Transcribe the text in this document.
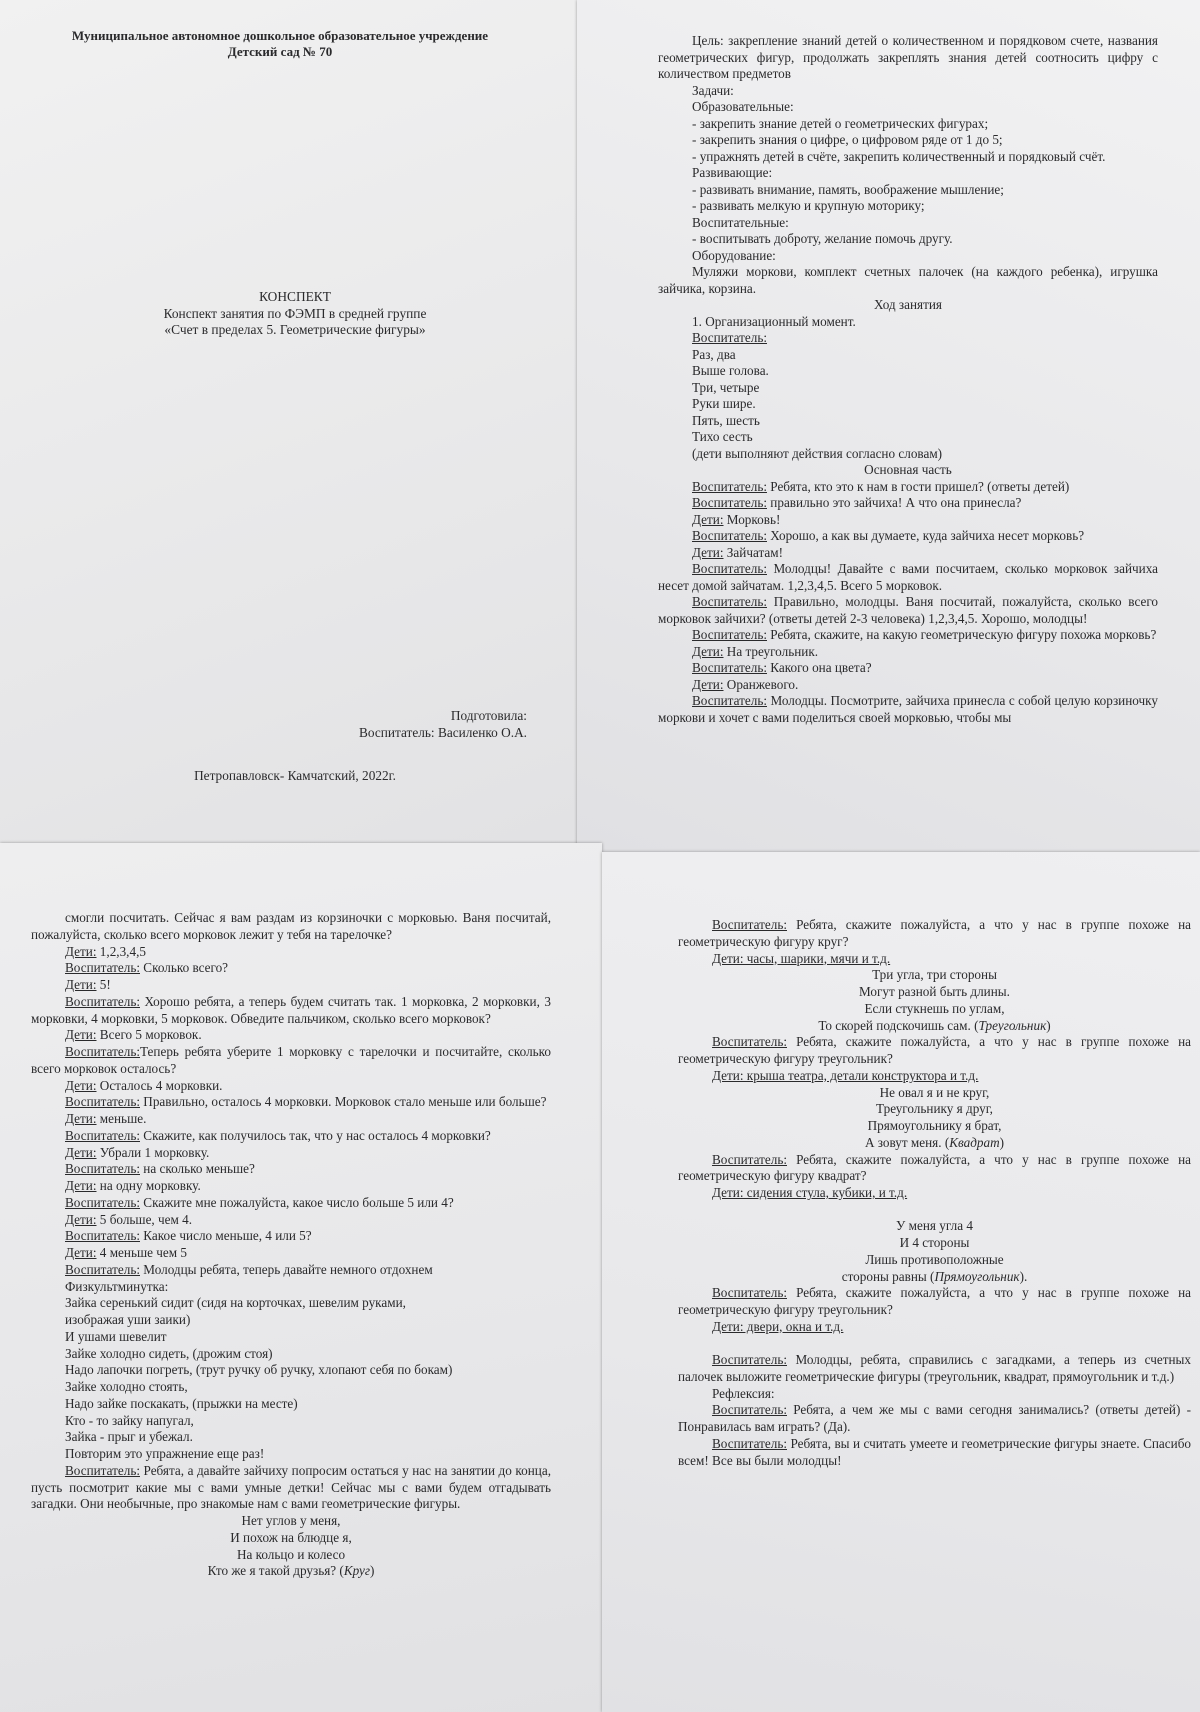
Муниципальное автономное дошкольное образовательное учреждение

Детский сад № 70

КОНСПЕКТ

Конспект занятия по ФЭМП в средней группе

«Счет в пределах 5. Геометрические фигуры»

Подготовила:

Воспитатель: Василенко О.А.

Петропавловск- Камчатский, 2022г.

Цель: закрепление знаний детей о количественном и порядковом счете, названия геометрических фигур, продолжать закреплять знания детей соотносить цифру с количеством предметов

Задачи:

Образовательные:

- закрепить знание детей о геометрических фигурах;

- закрепить знания о цифре, о цифровом ряде от 1 до 5;

- упражнять детей в счёте, закрепить количественный и порядковый счёт.

Развивающие:

- развивать внимание, память, воображение мышление;

- развивать мелкую и крупную моторику;

Воспитательные:

- воспитывать доброту, желание помочь другу.

Оборудование:

Муляжи моркови, комплект счетных палочек (на каждого ребенка), игрушка зайчика, корзина.

Ход занятия

1. Организационный момент.

Воспитатель:

Раз, два

Выше голова.

Три, четыре

Руки шире.

Пять, шесть

Тихо сесть

(дети выполняют действия согласно словам)

Основная часть

Воспитатель: Ребята, кто это к нам в гости пришел? (ответы детей)

Воспитатель: правильно это зайчиха! А что она принесла?

Дети: Морковь!

Воспитатель: Хорошо, а как вы думаете, куда зайчиха несет морковь?

Дети: Зайчатам!

Воспитатель: Молодцы! Давайте с вами посчитаем, сколько морковок зайчиха несет домой зайчатам. 1,2,3,4,5. Всего 5 морковок.

Воспитатель: Правильно, молодцы. Ваня посчитай, пожалуйста, сколько всего морковок зайчихи? (ответы детей 2-3 человека) 1,2,3,4,5. Хорошо, молодцы!

Воспитатель: Ребята, скажите, на какую геометрическую фигуру похожа морковь?

Дети: На треугольник.

Воспитатель: Какого она цвета?

Дети: Оранжевого.

Воспитатель: Молодцы. Посмотрите, зайчиха принесла с собой целую корзиночку моркови и хочет с вами поделиться своей морковью, чтобы мы

смогли посчитать. Сейчас я вам раздам из корзиночки с морковью. Ваня посчитай, пожалуйста, сколько всего морковок лежит у тебя на тарелочке?

Дети: 1,2,3,4,5

Воспитатель: Сколько всего?

Дети: 5!

Воспитатель: Хорошо ребята, а теперь будем считать так. 1 морковка, 2 морковки, 3 морковки, 4 морковки, 5 морковок. Обведите пальчиком, сколько всего морковок?

Дети: Всего 5 морковок.

Воспитатель:Теперь ребята уберите 1 морковку с тарелочки и посчитайте, сколько всего морковок осталось?

Дети: Осталось 4 морковки.

Воспитатель: Правильно, осталось 4 морковки. Морковок стало меньше или больше?

Дети: меньше.

Воспитатель: Скажите, как получилось так, что у нас осталось 4 морковки?

Дети: Убрали 1 морковку.

Воспитатель: на сколько меньше?

Дети: на одну морковку.

Воспитатель: Скажите мне пожалуйста, какое число больше 5 или 4?

Дети: 5 больше, чем 4.

Воспитатель: Какое число меньше, 4 или 5?

Дети: 4 меньше чем 5

Воспитатель: Молодцы ребята, теперь давайте немного отдохнем

Физкультминутка:

Зайка серенький сидит (сидя на корточках, шевелим руками,

изображая уши заики)

И ушами шевелит

Зайке холодно сидеть, (дрожим стоя)

Надо лапочки погреть, (трут ручку об ручку, хлопают себя по бокам)

Зайке холодно стоять,

Надо зайке поскакать, (прыжки на месте)

Кто - то зайку напугал,

Зайка - прыг и убежал.

Повторим это упражнение еще раз!

Воспитатель: Ребята, а давайте зайчиху попросим остаться у нас на занятии до конца, пусть посмотрит какие мы с вами умные детки! Сейчас мы с вами будем отгадывать загадки. Они необычные, про знакомые нам с вами геометрические фигуры.

Нет углов у меня,

И похож на блюдце я,

На кольцо и колесо

Кто же я такой друзья? (Круг)

Воспитатель: Ребята, скажите пожалуйста, а что у нас в группе похоже на геометрическую фигуру круг?

Дети: часы, шарики, мячи и т.д.

Три угла, три стороны

Могут разной быть длины.

Если стукнешь по углам,

То скорей подскочишь сам. (Треугольник)

Воспитатель: Ребята, скажите пожалуйста, а что у нас в группе похоже на геометрическую фигуру треугольник?

Дети: крыша театра, детали конструктора и т.д.

Не овал я и не круг,

Треугольнику я друг,

Прямоугольнику я брат,

А зовут меня. (Квадрат)

Воспитатель: Ребята, скажите пожалуйста, а что у нас в группе похоже на геометрическую фигуру квадрат?

Дети: сидения стула, кубики, и т.д.

У меня угла 4

И 4 стороны

Лишь противоположные

стороны равны (Прямоугольник).

Воспитатель: Ребята, скажите пожалуйста, а что у нас в группе похоже на геометрическую фигуру треугольник?

Дети: двери, окна и т.д.

Воспитатель: Молодцы, ребята, справились с загадками, а теперь из счетных палочек выложите геометрические фигуры (треугольник, квадрат, прямоугольник и т.д.)

Рефлексия:

Воспитатель: Ребята, а чем же мы с вами сегодня занимались? (ответы детей) - Понравилась вам играть? (Да).

Воспитатель: Ребята, вы и считать умеете и геометрические фигуры знаете. Спасибо всем! Все вы были молодцы!
